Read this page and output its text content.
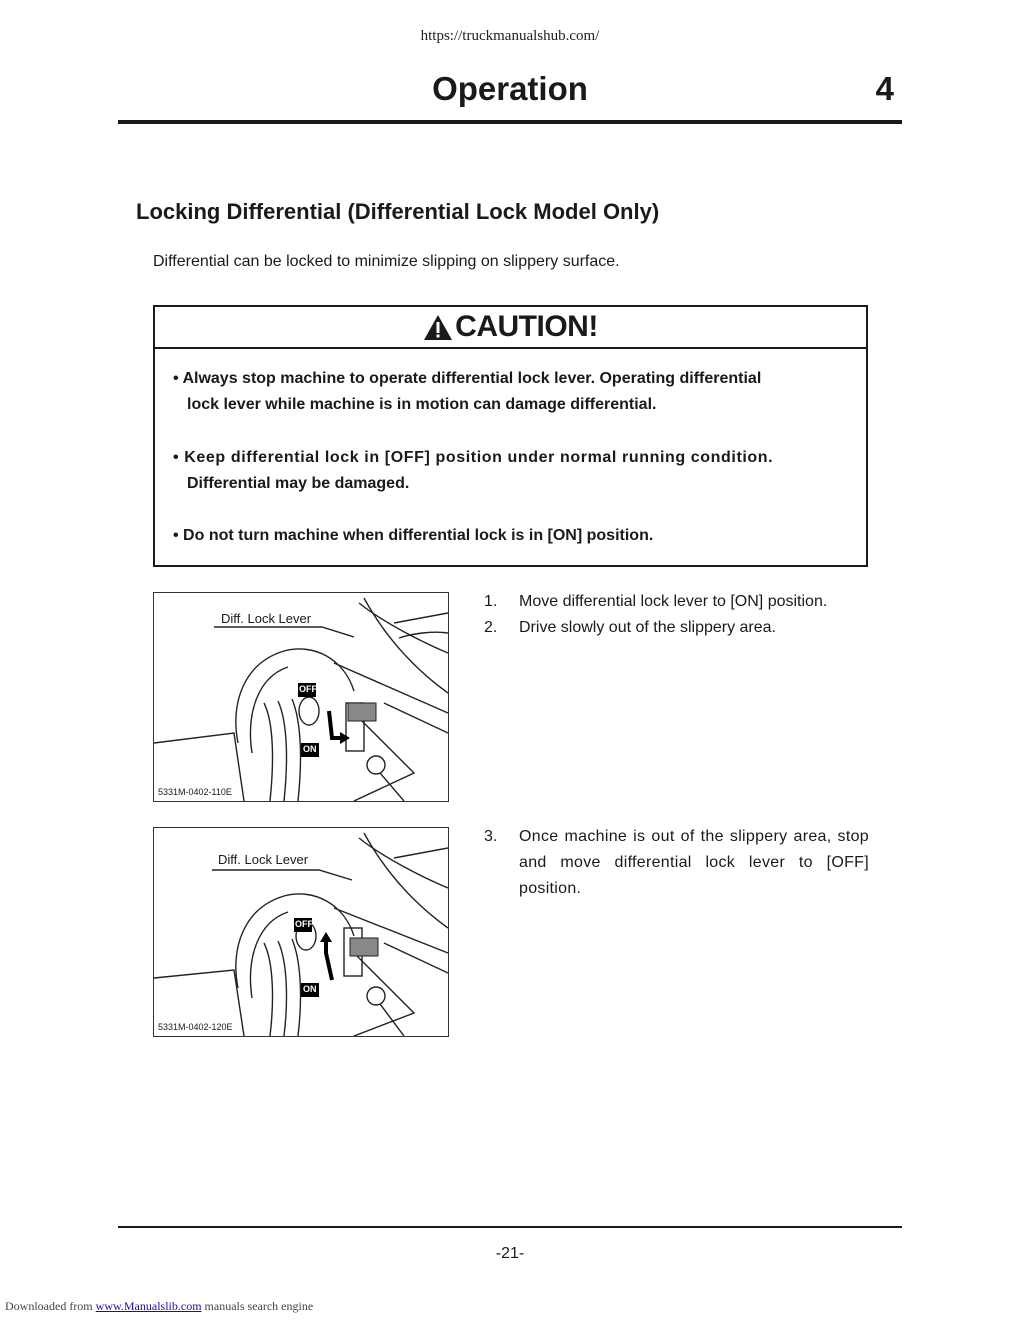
https://truckmanualshub.com/
Operation	4
Locking Differential (Differential Lock Model Only)
Differential can be locked to minimize slipping on slippery surface.
CAUTION!
• Always stop machine to operate differential lock lever. Operating differential
lock lever while machine is in motion can damage differential.
• Keep differential lock in [OFF] position under normal running condition.
Differential may be damaged.
• Do not turn machine when differential lock is in [ON] position.
Diff. Lock Lever
OFF
ON
5331M-0402-110E
Diff. Lock Lever
OFF
ON
5331M-0402-120E
1. Move differential lock lever to [ON] position.
2. Drive slowly out of the slippery area.
3. Once machine is out of the slippery area, stop and move differential lock lever to [OFF] position.
-21-
Downloaded from www.Manualslib.com manuals search engine
